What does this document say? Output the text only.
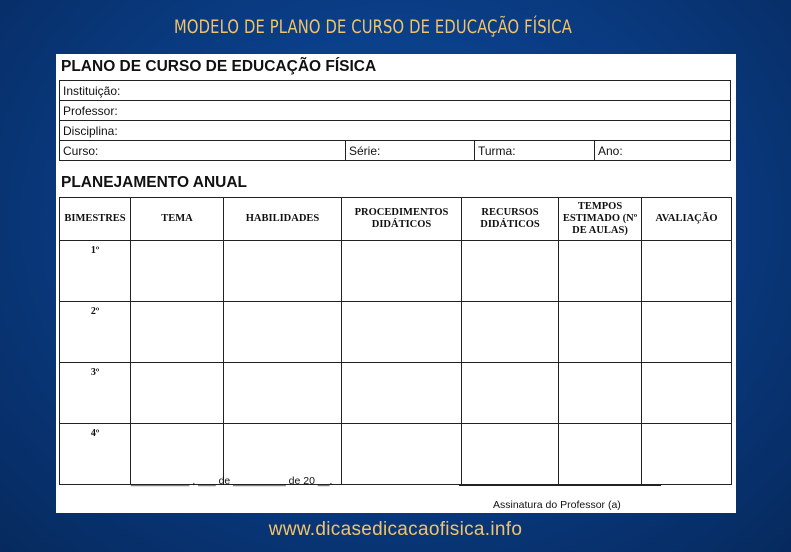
MODELO DE PLANO DE CURSO DE EDUCAÇÃO FÍSICA
PLANO DE CURSO DE EDUCAÇÃO FÍSICA
Instituição:
Professor:
Disciplina:
Curso:	Série:	Turma:	Ano:
PLANEJAMENTO ANUAL
BIMESTRES	TEMA	HABILIDADES	PROCEDIMENTOS DIDÁTICOS	RECURSOS DIDÁTICOS	TEMPOS ESTIMADO (Nº DE AULAS)	AVALIAÇÃO
1º						
2º						
3º						
4º						
__________ , ___ de _________ de 20 __.
Assinatura do Professor (a)
www.dicasedicacaofisica.info
